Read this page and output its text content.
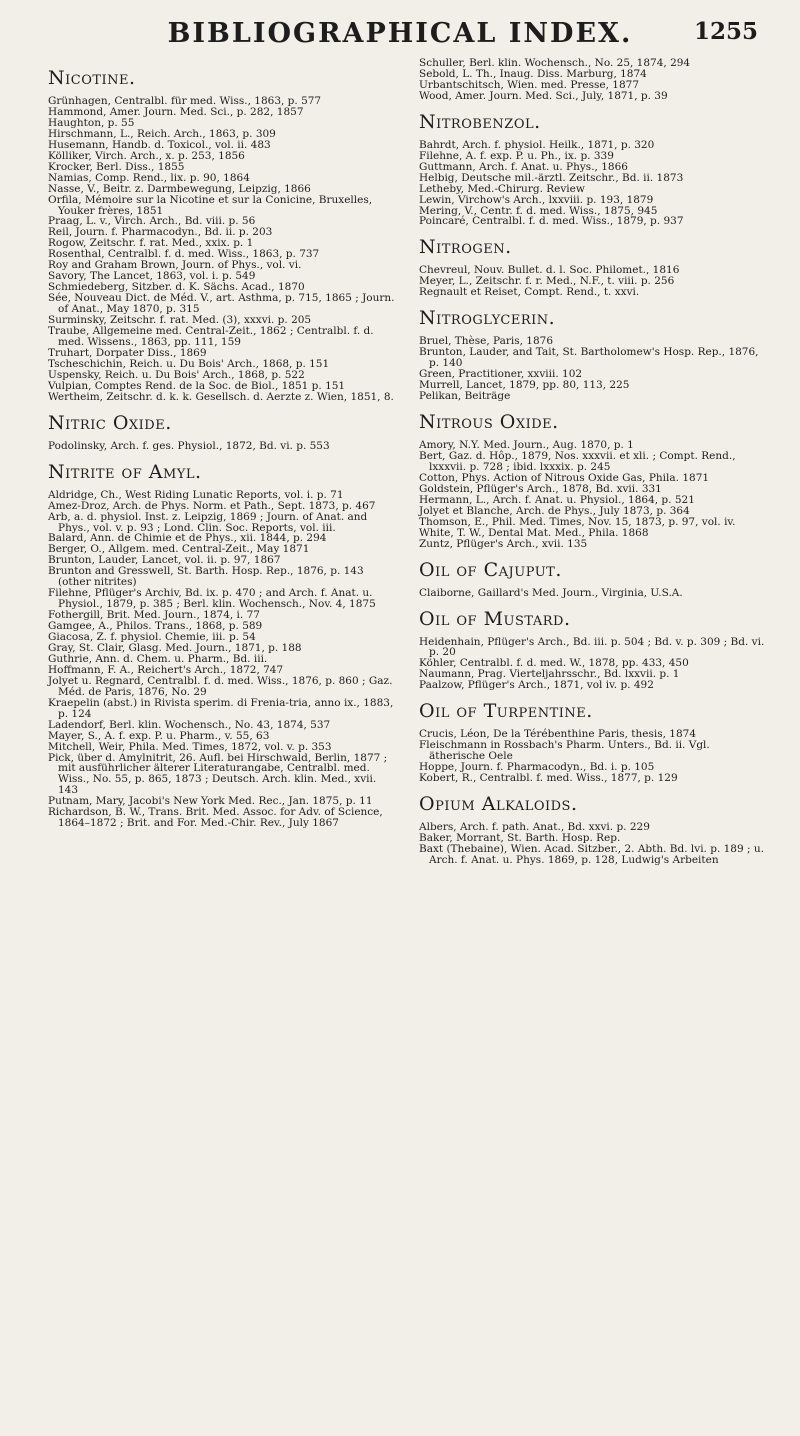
BIBLIOGRAPHICAL INDEX.	1255
Nicotine.
Grünhagen, Centralbl. für med. Wiss., 1863, p. 577
Hammond, Amer. Journ. Med. Sci., p. 282, 1857
Haughton, p. 55
Hirschmann, L., Reich. Arch., 1863, p. 309
Husemann, Handb. d. Toxicol., vol. ii. 483
Kölliker, Virch. Arch., x. p. 253, 1856
Krocker, Berl. Diss., 1855
Namias, Comp. Rend., lix. p. 90, 1864
Nasse, V., Beitr. z. Darmbewegung, Leipzig, 1866
Orfila, Mémoire sur la Nicotine et sur la Conicine, Bruxelles, Youker frères, 1851
Praag, L. v., Virch. Arch., Bd. viii. p. 56
Reil, Journ. f. Pharmacodyn., Bd. ii. p. 203
Rogow, Zeitschr. f. rat. Med., xxix. p. 1
Rosenthal, Centralbl. f. d. med. Wiss., 1863, p. 737
Roy and Graham Brown, Journ. of Phys., vol. vi.
Savory, The Lancet, 1863, vol. i. p. 549
Schmiedeberg, Sitzber. d. K. Sächs. Acad., 1870
Sée, Nouveau Dict. de Méd. V., art. Asthma, p. 715, 1865 ; Journ. of Anat., May 1870, p. 315
Surminsky, Zeitschr. f. rat. Med. (3), xxxvi. p. 205
Traube, Allgemeine med. Central-Zeit., 1862 ; Centralbl. f. d. med. Wissens., 1863, pp. 111, 159
Truhart, Dorpater Diss., 1869
Tscheschichin, Reich. u. Du Bois' Arch., 1868, p. 151
Uspensky, Reich. u. Du Bois' Arch., 1868, p. 522
Vulpian, Comptes Rend. de la Soc. de Biol., 1851 p. 151
Wertheim, Zeitschr. d. k. k. Gesellsch. d. Aerzte z. Wien, 1851, 8.
Nitric Oxide.
Podolinsky, Arch. f. ges. Physiol., 1872, Bd. vi. p. 553
Nitrite of Amyl.
Aldridge, Ch., West Riding Lunatic Reports, vol. i. p. 71
Amez-Droz, Arch. de Phys. Norm. et Path., Sept. 1873, p. 467
Arb, a. d. physiol. Inst. z. Leipzig, 1869 ; Journ. of Anat. and Phys., vol. v. p. 93 ; Lond. Clin. Soc. Reports, vol. iii.
Balard, Ann. de Chimie et de Phys., xii. 1844, p. 294
Berger, O., Allgem. med. Central-Zeit., May 1871
Brunton, Lauder, Lancet, vol. ii. p. 97, 1867
Brunton and Gresswell, St. Barth. Hosp. Rep., 1876, p. 143 (other nitrites)
Filehne, Pflüger's Archiv, Bd. ix. p. 470 ; and Arch. f. Anat. u. Physiol., 1879, p. 385 ; Berl. klin. Wochensch., Nov. 4, 1875
Fothergill, Brit. Med. Journ., 1874, i. 77
Gamgee, A., Philos. Trans., 1868, p. 589
Giacosa, Z. f. physiol. Chemie, iii. p. 54
Gray, St. Clair, Glasg. Med. Journ., 1871, p. 188
Guthrie, Ann. d. Chem. u. Pharm., Bd. iii.
Hoffmann, F. A., Reichert's Arch., 1872, 747
Jolyet u. Regnard, Centralbl. f. d. med. Wiss., 1876, p. 860 ; Gaz. Méd. de Paris, 1876, No. 29
Kraepelin (abst.) in Rivista sperim. di Frenia-tria, anno ix., 1883, p. 124
Ladendorf, Berl. klin. Wochensch., No. 43, 1874, 537
Mayer, S., A. f. exp. P. u. Pharm., v. 55, 63
Mitchell, Weir, Phila. Med. Times, 1872, vol. v. p. 353
Pick, über d. Amylnitrit, 26. Aufl. bei Hirschwald, Berlin, 1877 ; mit ausführlicher älterer Literaturangabe, Centralbl. med. Wiss., No. 55, p. 865, 1873 ; Deutsch. Arch. klin. Med., xvii. 143
Putnam, Mary, Jacobi's New York Med. Rec., Jan. 1875, p. 11
Richardson, B. W., Trans. Brit. Med. Assoc. for Adv. of Science, 1864–1872 ; Brit. and For. Med.-Chir. Rev., July 1867
Schuller, Berl. klin. Wochensch., No. 25, 1874, 294
Sebold, L. Th., Inaug. Diss. Marburg, 1874
Urbantschitsch, Wien. med. Presse, 1877
Wood, Amer. Journ. Med. Sci., July, 1871, p. 39
Nitrobenzol.
Bahrdt, Arch. f. physiol. Heilk., 1871, p. 320
Filehne, A. f. exp. P. u. Ph., ix. p. 339
Guttmann, Arch. f. Anat. u. Phys., 1866
Helbig, Deutsche mil.-ärztl. Zeitschr., Bd. ii. 1873
Letheby, Med.-Chirurg. Review
Lewin, Virchow's Arch., lxxviii. p. 193, 1879
Mering, V., Centr. f. d. med. Wiss., 1875, 945
Poincaré, Centralbl. f. d. med. Wiss., 1879, p. 937
Nitrogen.
Chevreul, Nouv. Bullet. d. l. Soc. Philomet., 1816
Meyer, L., Zeitschr. f. r. Med., N.F., t. viii. p. 256
Regnault et Reiset, Compt. Rend., t. xxvi.
Nitroglycerin.
Bruel, Thèse, Paris, 1876
Brunton, Lauder, and Tait, St. Bartholomew's Hosp. Rep., 1876, p. 140
Green, Practitioner, xxviii. 102
Murrell, Lancet, 1879, pp. 80, 113, 225
Pelikan, Beiträge
Nitrous Oxide.
Amory, N.Y. Med. Journ., Aug. 1870, p. 1
Bert, Gaz. d. Hôp., 1879, Nos. xxxvii. et xli. ; Compt. Rend., lxxxvii. p. 728 ; ibid. lxxxix. p. 245
Cotton, Phys. Action of Nitrous Oxide Gas, Phila. 1871
Goldstein, Pflüger's Arch., 1878, Bd. xvii. 331
Hermann, L., Arch. f. Anat. u. Physiol., 1864, p. 521
Jolyet et Blanche, Arch. de Phys., July 1873, p. 364
Thomson, E., Phil. Med. Times, Nov. 15, 1873, p. 97, vol. iv.
White, T. W., Dental Mat. Med., Phila. 1868
Zuntz, Pflüger's Arch., xvii. 135
Oil of Cajuput.
Claiborne, Gaillard's Med. Journ., Virginia, U.S.A.
Oil of Mustard.
Heidenhain, Pflüger's Arch., Bd. iii. p. 504 ; Bd. v. p. 309 ; Bd. vi. p. 20
Köhler, Centralbl. f. d. med. W., 1878, pp. 433, 450
Naumann, Prag. Vierteljahrsschr., Bd. lxxvii. p. 1
Paalzow, Pflüger's Arch., 1871, vol iv. p. 492
Oil of Turpentine.
Crucis, Léon, De la Térébenthine Paris, thesis, 1874
Fleischmann in Rossbach's Pharm. Unters., Bd. ii. Vgl. ätherische Oele
Hoppe, Journ. f. Pharmacodyn., Bd. i. p. 105
Kobert, R., Centralbl. f. med. Wiss., 1877, p. 129
Opium Alkaloids.
Albers, Arch. f. path. Anat., Bd. xxvi. p. 229
Baker, Morrant, St. Barth. Hosp. Rep.
Baxt (Thebaine), Wien. Acad. Sitzber., 2. Abth. Bd. lvi. p. 189 ; u. Arch. f. Anat. u. Phys. 1869, p. 128, Ludwig's Arbeiten
